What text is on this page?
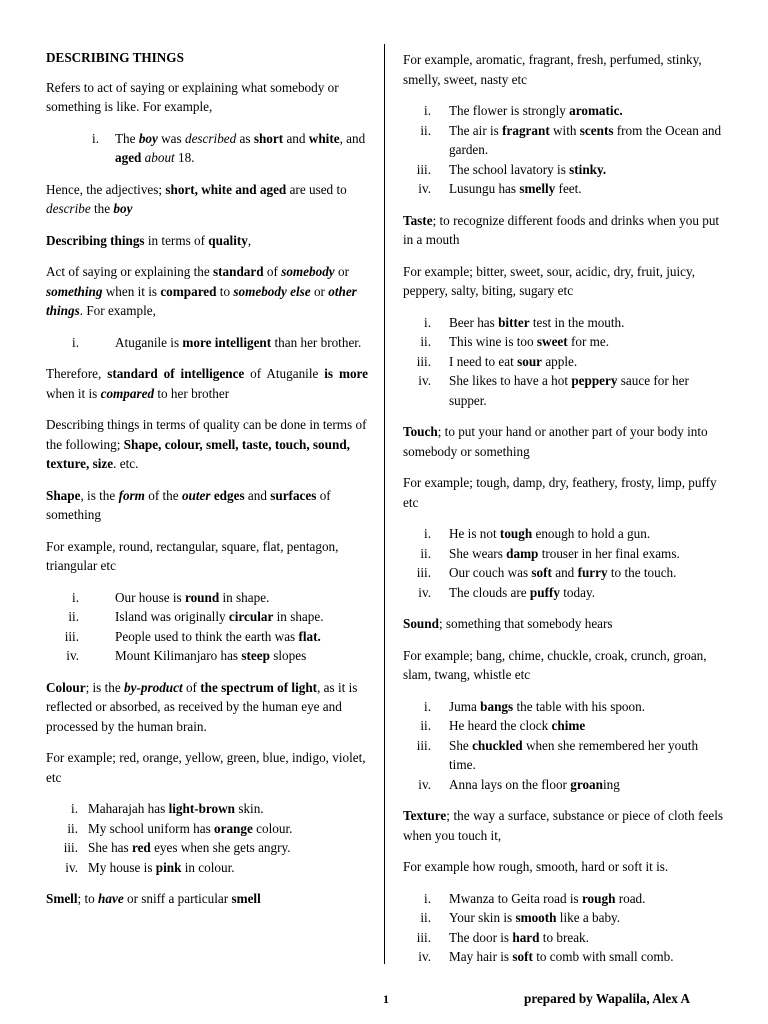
DESCRIBING THINGS

Refers to act of saying or explaining what somebody or something is like. For example,

i.	The boy was described as short and white, and aged about 18.

Hence, the adjectives; short, white and aged are used to describe the boy

Describing things in terms of quality,

Act of saying or explaining the standard of somebody or something when it is compared to somebody else or other things. For example,

i.	Atuganile is more intelligent than her brother.

Therefore, standard of intelligence of Atuganile is more when it is compared to her brother

Describing things in terms of quality can be done in terms of the following; Shape, colour, smell, taste, touch, sound, texture, size. etc.

Shape, is the form of the outer edges and surfaces of something

For example, round, rectangular, square, flat, pentagon, triangular etc

i.	Our house is round in shape.
ii.	Island was originally circular in shape.
iii.	People used to think the earth was flat.
iv.	Mount Kilimanjaro has steep slopes

Colour; is the by-product of the spectrum of light, as it is reflected or absorbed, as received by the human eye and processed by the human brain.

For example; red, orange, yellow, green, blue, indigo, violet, etc

i. Maharajah has light-brown skin.
ii. My school uniform has orange colour.
iii. She has red eyes when she gets angry.
iv. My house is pink in colour.

Smell; to have or sniff a particular smell

For example, aromatic, fragrant, fresh, perfumed, stinky, smelly, sweet, nasty etc

i.	The flower is strongly aromatic.
ii.	The air is fragrant with scents from the Ocean and garden.
iii.	The school lavatory is stinky.
iv.	Lusungu has smelly feet.

Taste; to recognize different foods and drinks when you put in a mouth

For example; bitter, sweet, sour, acidic, dry, fruit, juicy, peppery, salty, biting, sugary etc

i.	Beer has bitter test in the mouth.
ii.	This wine is too sweet for me.
iii.	I need to eat sour apple.
iv.	She likes to have a hot peppery sauce for her supper.

Touch; to put your hand or another part of your body into somebody or something

For example; tough, damp, dry, feathery, frosty, limp, puffy etc

i.	He is not tough enough to hold a gun.
ii.	She wears damp trouser in her final exams.
iii.	Our couch was soft and furry to the touch.
iv.	The clouds are puffy today.

Sound; something that somebody hears

For example; bang, chime, chuckle, croak, crunch, groan, slam, twang, whistle etc

i.	Juma bangs the table with his spoon.
ii.	He heard the clock chime
iii.	She chuckled when she remembered her youth time.
iv.	Anna lays on the floor groaning

Texture; the way a surface, substance or piece of cloth feels when you touch it,

For example how rough, smooth, hard or soft it is.

i.	Mwanza to Geita road is rough road.
ii.	Your skin is smooth like a baby.
iii.	The door is hard to break.
iv.	May hair is soft to comb with small comb.
1	prepared by Wapalila, Alex A
